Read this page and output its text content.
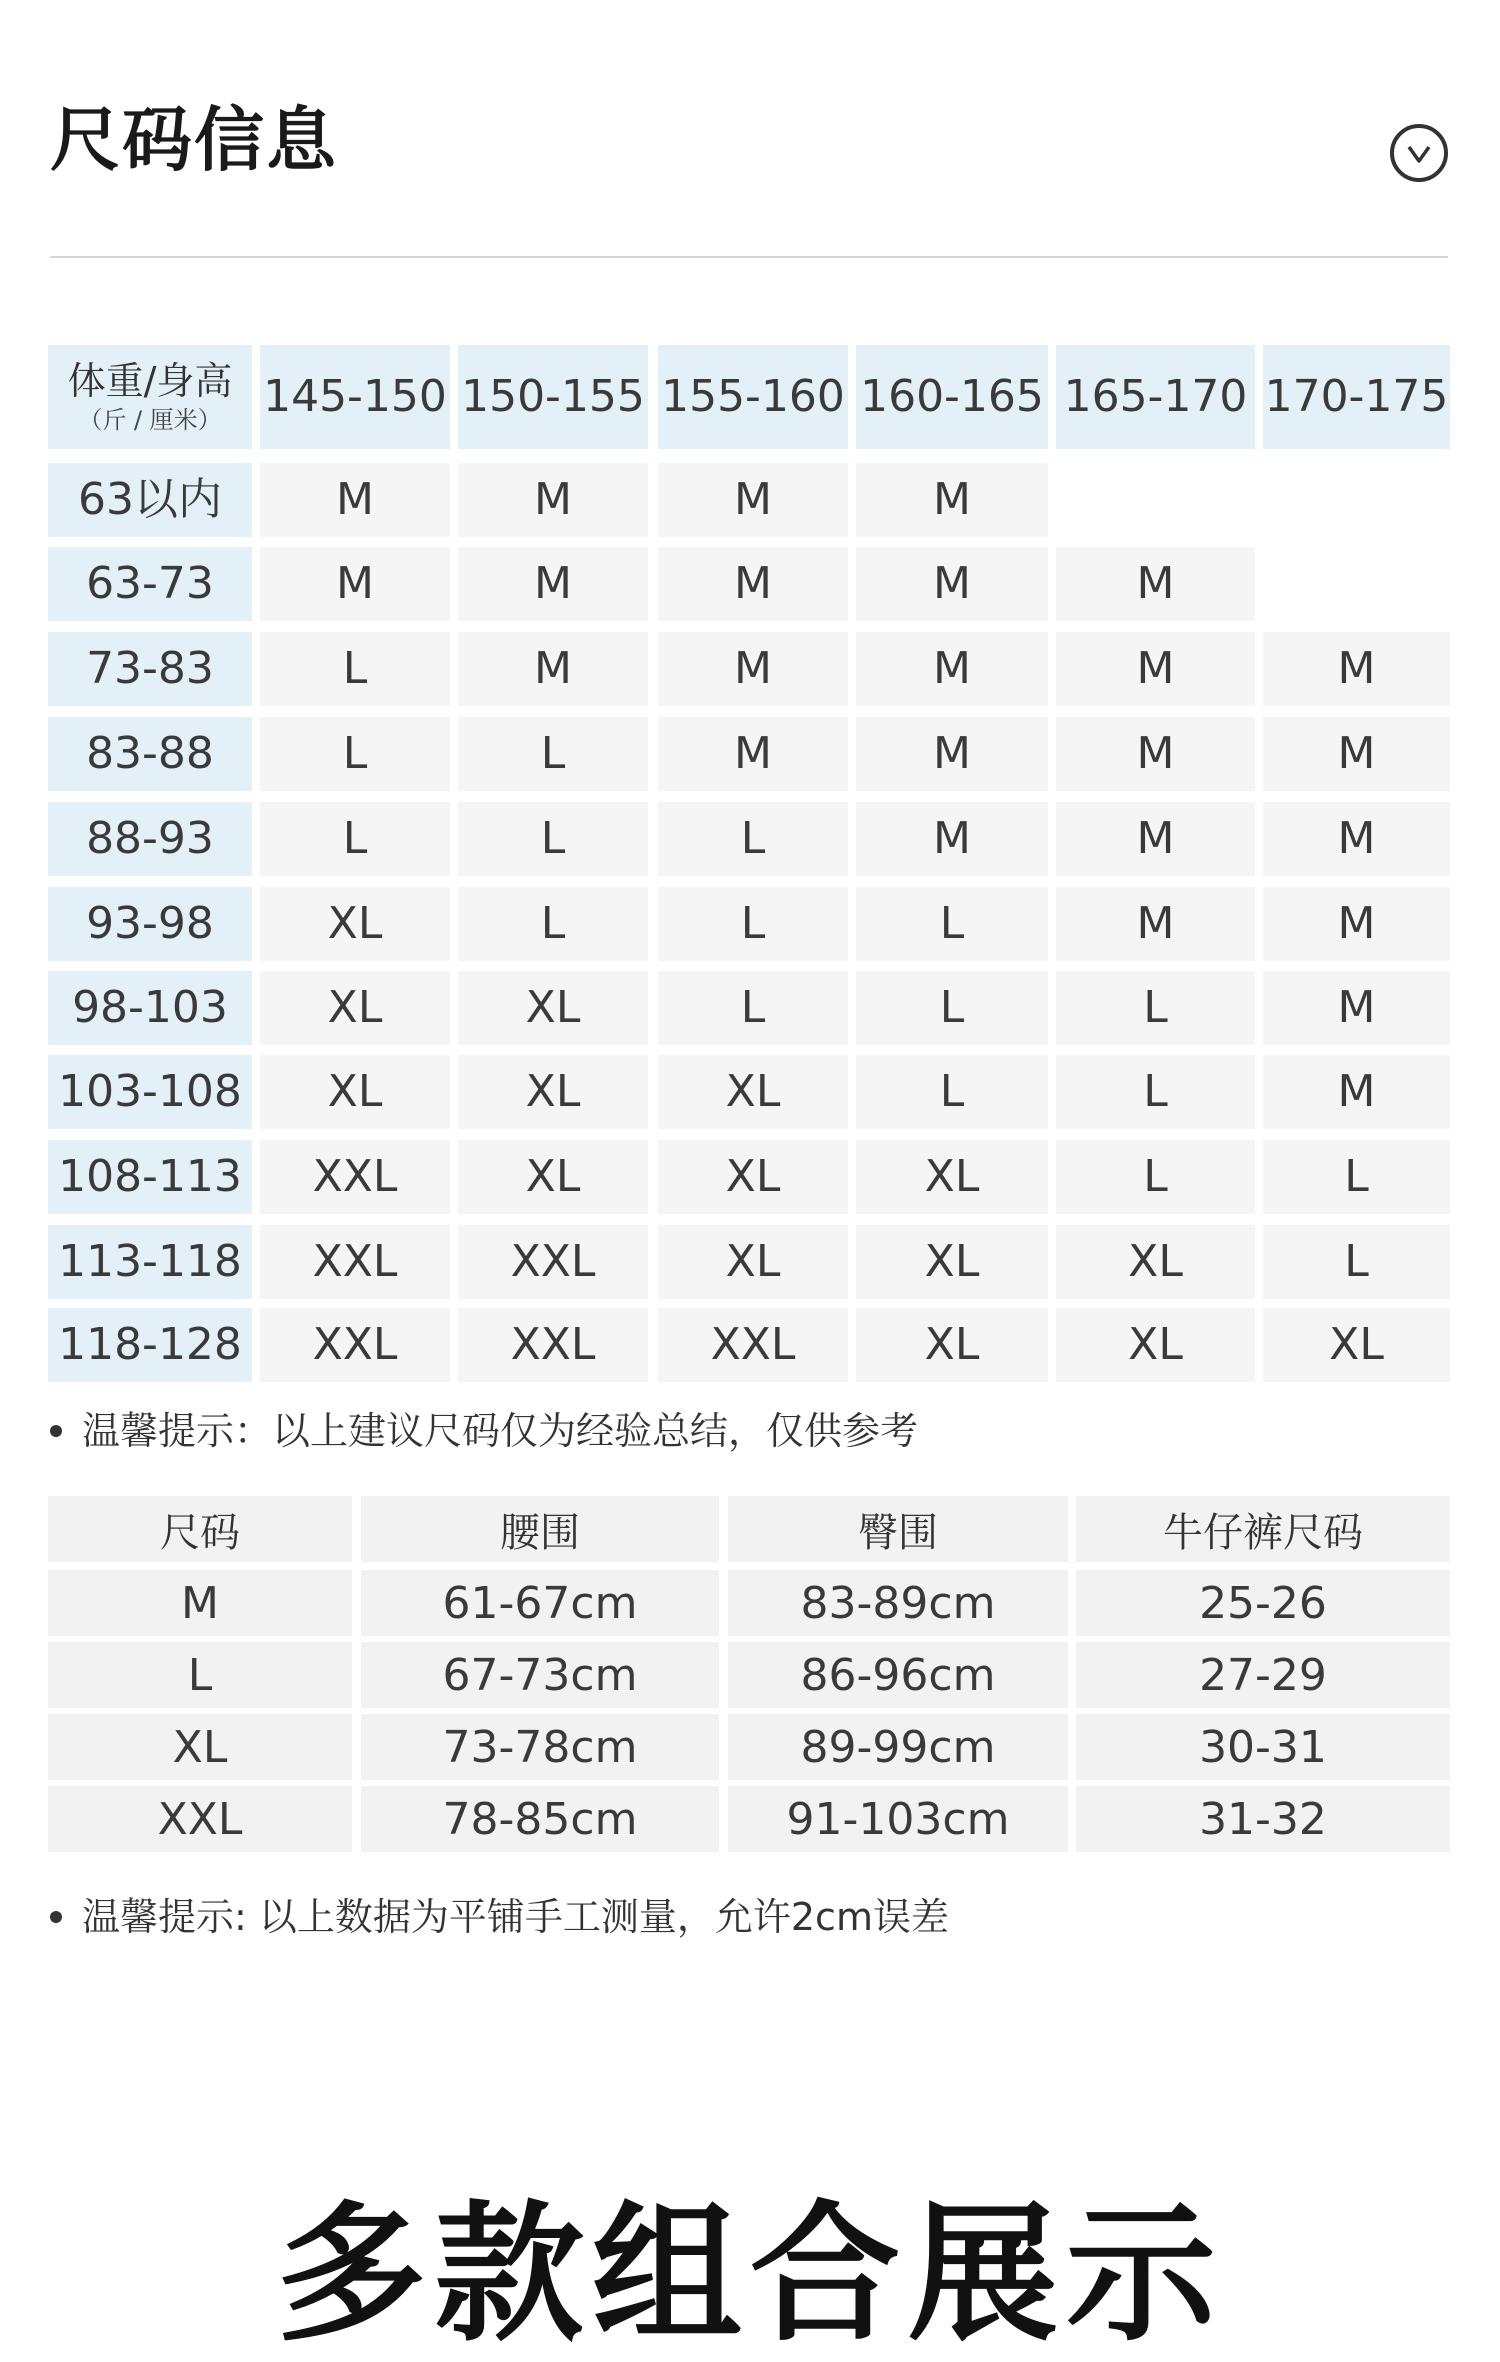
尺码信息
体重/身高
（斤 / 厘米） 145-150 150-155 155-160 160-165 165-170 170-175
63以内	M	M	M	M
63-73	M	M	M	M	M
73-83	L	M	M	M	M	M
83-88	L	L	M	M	M	M
88-93	L	L	L	M	M	M
93-98	XL	L	L	L	M	M
98-103	XL	XL	L	L	L	M
103-108	XL	XL	XL	L	L	M
108-113	XXL	XL	XL	XL	L	L
113-118	XXL	XXL	XL	XL	XL	L
118-128	XXL	XXL	XXL	XL	XL	XL
温馨提示：以上建议尺码仅为经验总结，仅供参考
尺码	腰围	臀围	牛仔裤尺码
M	61-67cm	83-89cm	25-26
L	67-73cm	86-96cm	27-29
XL	73-78cm	89-99cm	30-31
XXL	78-85cm	91-103cm	31-32
温馨提示: 以上数据为平铺手工测量，允许2cm误差
多款组合展示
